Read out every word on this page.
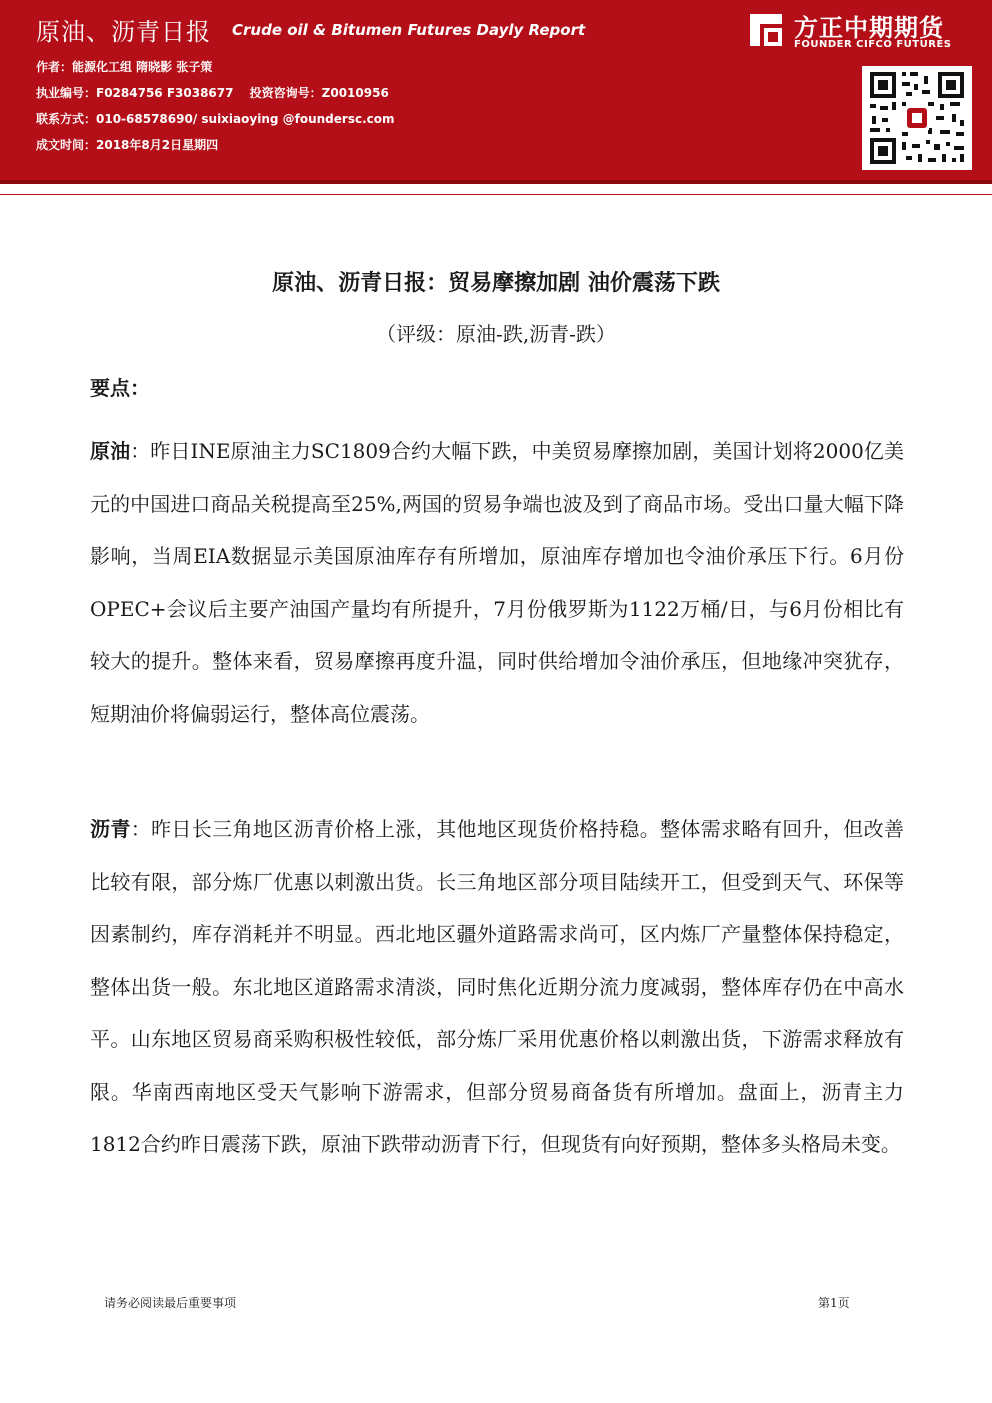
原油、沥青日报 Crude oil & Bitumen Futures Dayly Report
作者：能源化工组 隋晓影 张子策
执业编号：F0284756 F3038677 投资咨询号：Z0010956
联系方式：010-68578690/ suixiaoying @foundersc.com
成文时间：2018年8月2日星期四
方正中期期货
FOUNDER CIFCO FUTURES
原油、沥青日报：贸易摩擦加剧 油价震荡下跌
（评级：原油-跌,沥青-跌）
要点：
原油：昨日INE原油主力SC1809合约大幅下跌，中美贸易摩擦加剧，美国计划将2000亿美元的中国进口商品关税提高至25%,两国的贸易争端也波及到了商品市场。受出口量大幅下降影响，当周EIA数据显示美国原油库存有所增加，原油库存增加也令油价承压下行。6月份OPEC+会议后主要产油国产量均有所提升，7月份俄罗斯为1122万桶/日，与6月份相比有较大的提升。整体来看，贸易摩擦再度升温，同时供给增加令油价承压，但地缘冲突犹存，短期油价将偏弱运行，整体高位震荡。
沥青：昨日长三角地区沥青价格上涨，其他地区现货价格持稳。整体需求略有回升，但改善比较有限，部分炼厂优惠以刺激出货。长三角地区部分项目陆续开工，但受到天气、环保等因素制约，库存消耗并不明显。西北地区疆外道路需求尚可，区内炼厂产量整体保持稳定，整体出货一般。东北地区道路需求清淡，同时焦化近期分流力度减弱，整体库存仍在中高水平。山东地区贸易商采购积极性较低，部分炼厂采用优惠价格以刺激出货，下游需求释放有限。华南西南地区受天气影响下游需求，但部分贸易商备货有所增加。盘面上，沥青主力1812合约昨日震荡下跌，原油下跌带动沥青下行，但现货有向好预期，整体多头格局未变。
请务必阅读最后重要事项	第1页
